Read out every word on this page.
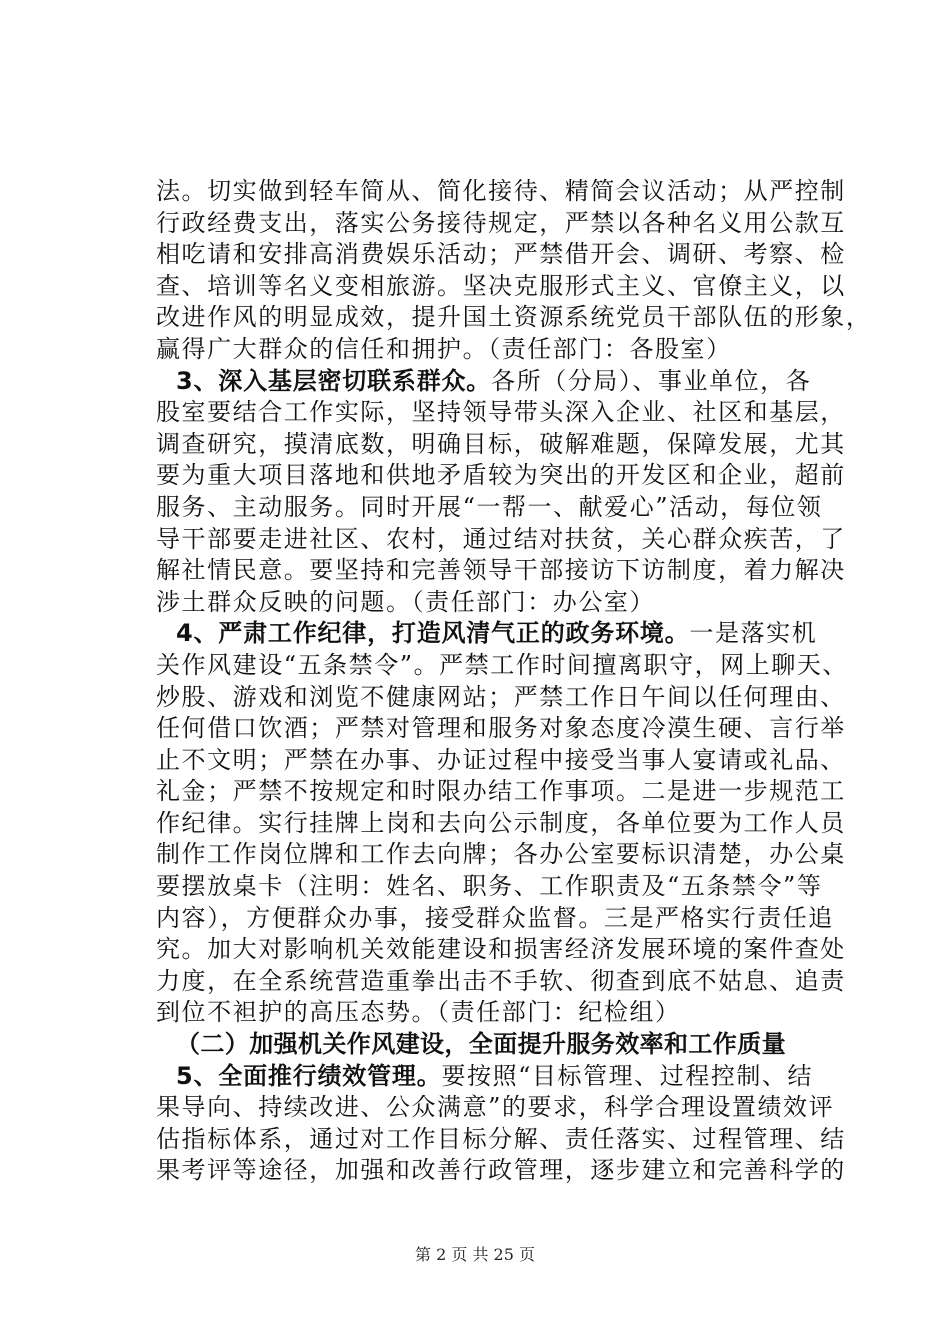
法。切实做到轻车简从、简化接待、精简会议活动；从严控制
行政经费支出，落实公务接待规定，严禁以各种名义用公款互
相吃请和安排高消费娱乐活动；严禁借开会、调研、考察、检
查、培训等名义变相旅游。坚决克服形式主义、官僚主义，以
改进作风的明显成效，提升国土资源系统党员干部队伍的形象，
赢得广大群众的信任和拥护。（责任部门：各股室）
3、深入基层密切联系群众。各所（分局）、事业单位，各
股室要结合工作实际，坚持领导带头深入企业、社区和基层，
调查研究，摸清底数，明确目标，破解难题，保障发展，尤其
要为重大项目落地和供地矛盾较为突出的开发区和企业，超前
服务、主动服务。同时开展“一帮一、献爱心”活动，每位领
导干部要走进社区、农村，通过结对扶贫，关心群众疾苦，了
解社情民意。要坚持和完善领导干部接访下访制度，着力解决
涉土群众反映的问题。（责任部门：办公室）
4、严肃工作纪律，打造风清气正的政务环境。一是落实机
关作风建设“五条禁令”。严禁工作时间擅离职守，网上聊天、
炒股、游戏和浏览不健康网站；严禁工作日午间以任何理由、
任何借口饮酒；严禁对管理和服务对象态度冷漠生硬、言行举
止不文明；严禁在办事、办证过程中接受当事人宴请或礼品、
礼金；严禁不按规定和时限办结工作事项。二是进一步规范工
作纪律。实行挂牌上岗和去向公示制度，各单位要为工作人员
制作工作岗位牌和工作去向牌；各办公室要标识清楚，办公桌
要摆放桌卡（注明：姓名、职务、工作职责及“五条禁令”等
内容），方便群众办事，接受群众监督。三是严格实行责任追
究。加大对影响机关效能建设和损害经济发展环境的案件查处
力度，在全系统营造重拳出击不手软、彻查到底不姑息、追责
到位不袒护的高压态势。（责任部门：纪检组）
（二）加强机关作风建设，全面提升服务效率和工作质量
5、全面推行绩效管理。要按照“目标管理、过程控制、结
果导向、持续改进、公众满意”的要求，科学合理设置绩效评
估指标体系，通过对工作目标分解、责任落实、过程管理、结
果考评等途径，加强和改善行政管理，逐步建立和完善科学的
第 2 页 共 25 页
